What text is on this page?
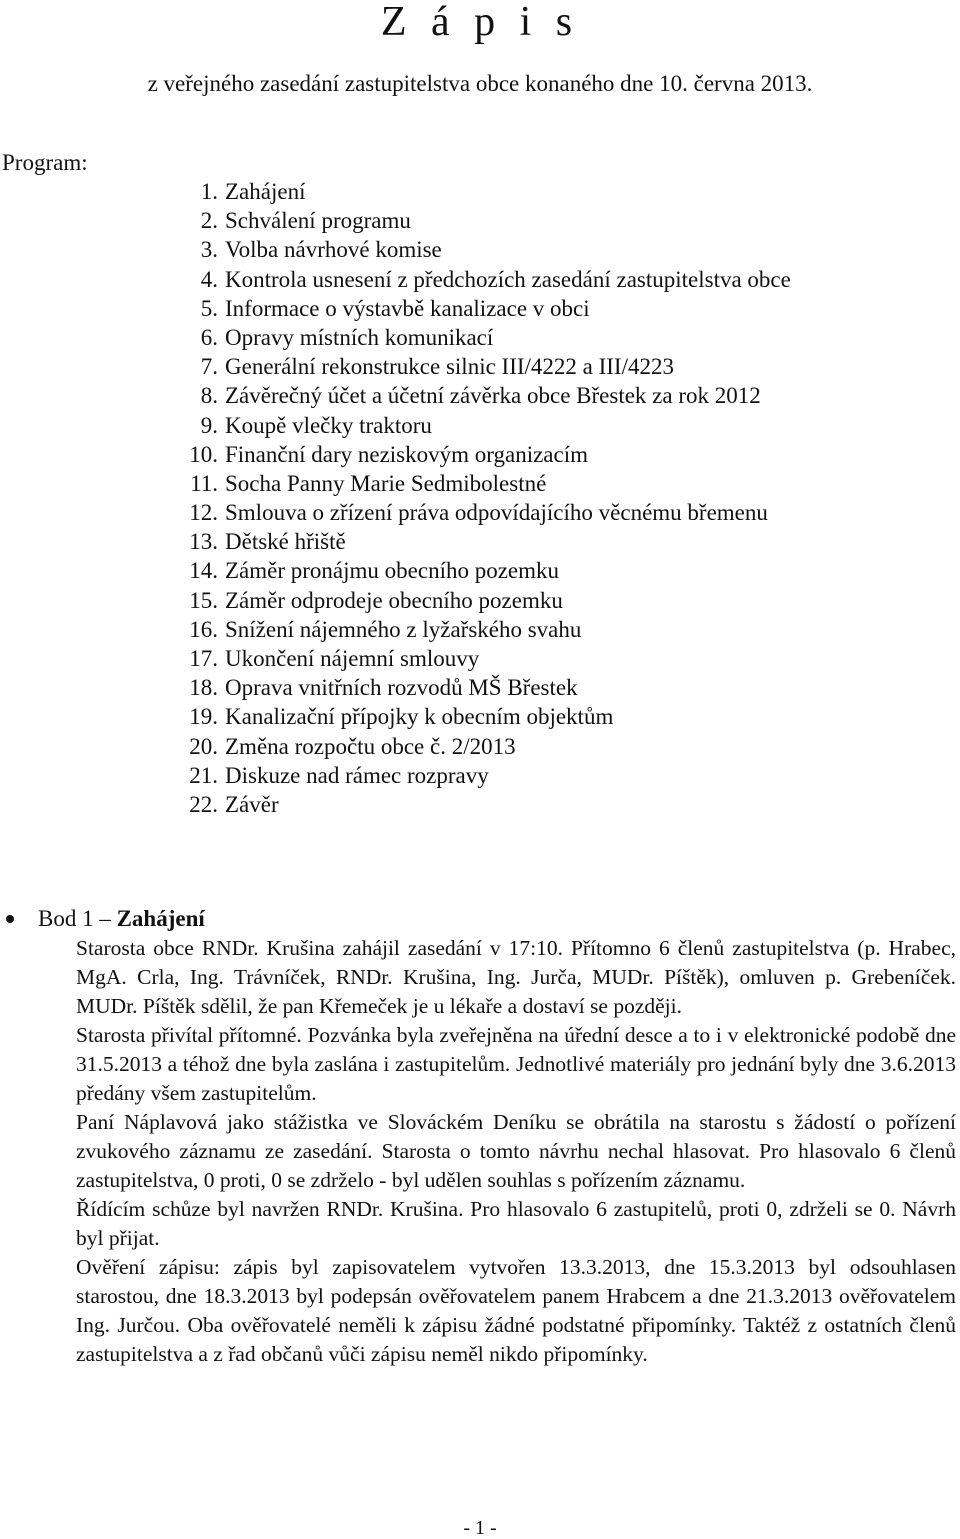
Z á p i s
z veřejného zasedání zastupitelstva obce konaného dne 10. června 2013.
Program:
1. Zahájení
2. Schválení programu
3. Volba návrhové komise
4. Kontrola usnesení z předchozích zasedání zastupitelstva obce
5. Informace o výstavbě kanalizace v obci
6. Opravy místních komunikací
7. Generální rekonstrukce silnic III/4222 a III/4223
8. Závěrečný účet a účetní závěrka obce Břestek za rok 2012
9. Koupě vlečky traktoru
10. Finanční dary neziskovým organizacím
11. Socha Panny Marie Sedmibolestné
12. Smlouva o zřízení práva odpovídajícího věcnému břemenu
13. Dětské hřiště
14. Záměr pronájmu obecního pozemku
15. Záměr odprodeje obecního pozemku
16. Snížení nájemného z lyžařského svahu
17. Ukončení nájemní smlouvy
18. Oprava vnitřních rozvodů MŠ Břestek
19. Kanalizační přípojky k obecním objektům
20. Změna rozpočtu obce č. 2/2013
21. Diskuze nad rámec rozpravy
22. Závěr
Bod 1 – Zahájení

Starosta obce RNDr. Krušina zahájil zasedání v 17:10. Přítomno 6 členů zastupitelstva (p. Hrabec, MgA. Crla, Ing. Trávníček, RNDr. Krušina, Ing. Jurča, MUDr. Píštěk), omluven p. Grebeníček. MUDr. Píštěk sdělil, že pan Křemeček je u lékaře a dostaví se později.

Starosta přivítal přítomné. Pozvánka byla zveřejněna na úřední desce a to i v elektronické podobě dne 31.5.2013 a téhož dne byla zaslána i zastupitelům. Jednotlivé materiály pro jednání byly dne 3.6.2013 předány všem zastupitelům.

Paní Náplavová jako stážistka ve Slováckém Deníku se obrátila na starostu s žádostí o pořízení zvukového záznamu ze zasedání. Starosta o tomto návrhu nechal hlasovat. Pro hlasovalo 6 členů zastupitelstva, 0 proti, 0 se zdrželo - byl udělen souhlas s pořízením záznamu.

Řídícím schůze byl navržen RNDr. Krušina. Pro hlasovalo 6 zastupitelů, proti 0, zdrželi se 0. Návrh byl přijat.

Ověření zápisu: zápis byl zapisovatelem vytvořen 13.3.2013, dne 15.3.2013 byl odsouhlasen starostou, dne 18.3.2013 byl podepsán ověřovatelem panem Hrabcem a dne 21.3.2013 ověřovatelem Ing. Jurčou. Oba ověřovatelé neměli k zápisu žádné podstatné připomínky. Taktéž z ostatních členů zastupitelstva a z řad občanů vůči zápisu neměl nikdo připomínky.

- 1 -
